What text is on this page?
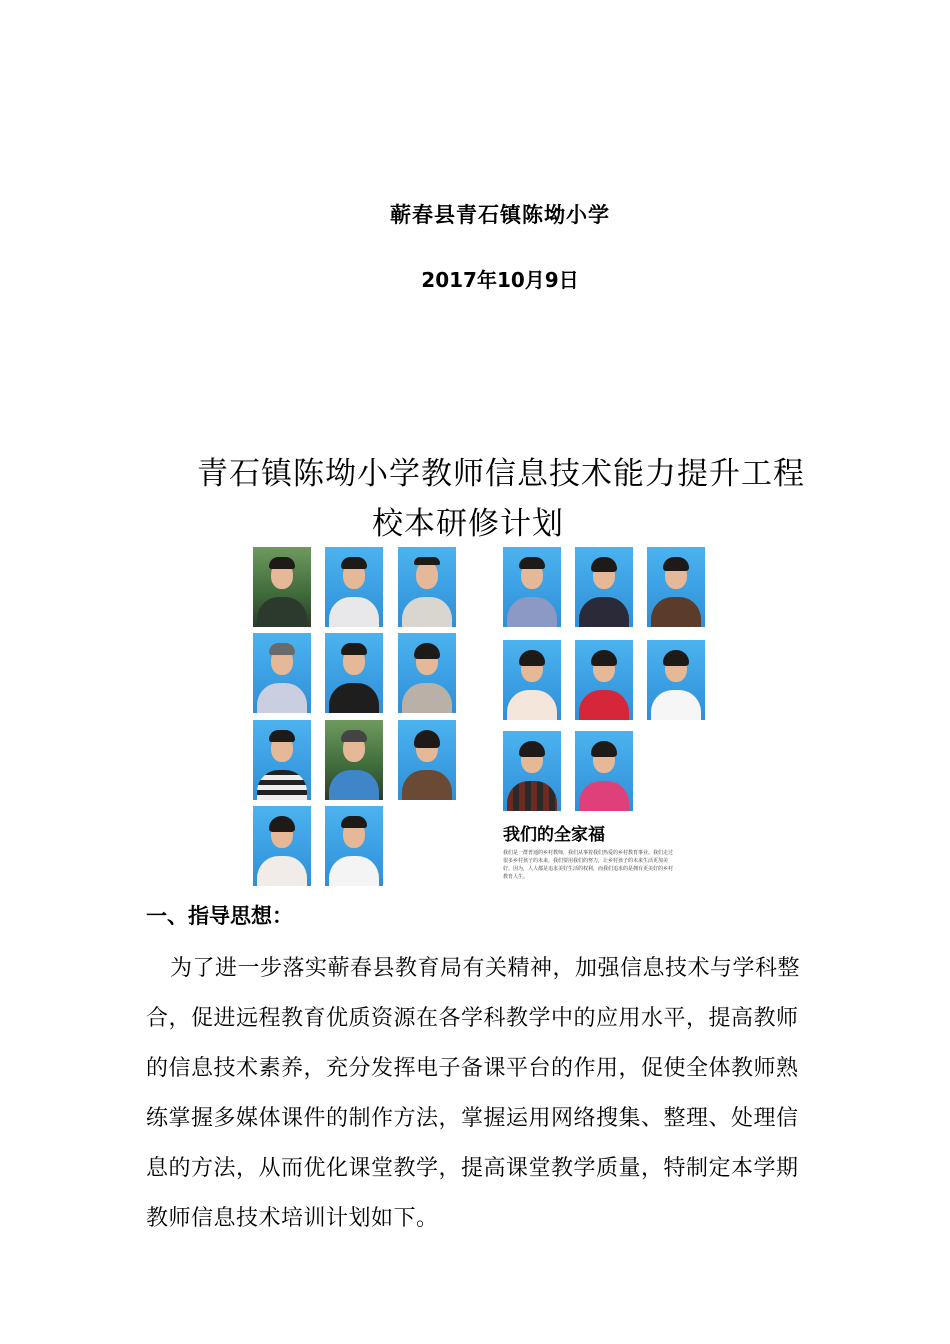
蕲春县青石镇陈坳小学
2017年10月9日
青石镇陈坳小学教师信息技术能力提升工程
校本研修计划
我们的全家福
我们是一群普通的乡村教师，我们从事着我们热爱的乡村教育事业。我们走过很多乡村孩子的未来，我们要用我们的努力，让乡村孩子的未来生活更加美好。因为，人人都是追求美好生活的权利，而我们追求的是拥有更美好的乡村教育人生。
一、指导思想：
为了进一步落实蕲春县教育局有关精神，加强信息技术与学科整
合，促进远程教育优质资源在各学科教学中的应用水平，提高教师
的信息技术素养，充分发挥电子备课平台的作用，促使全体教师熟
练掌握多媒体课件的制作方法，掌握运用网络搜集、整理、处理信
息的方法，从而优化课堂教学，提高课堂教学质量，特制定本学期
教师信息技术培训计划如下。
